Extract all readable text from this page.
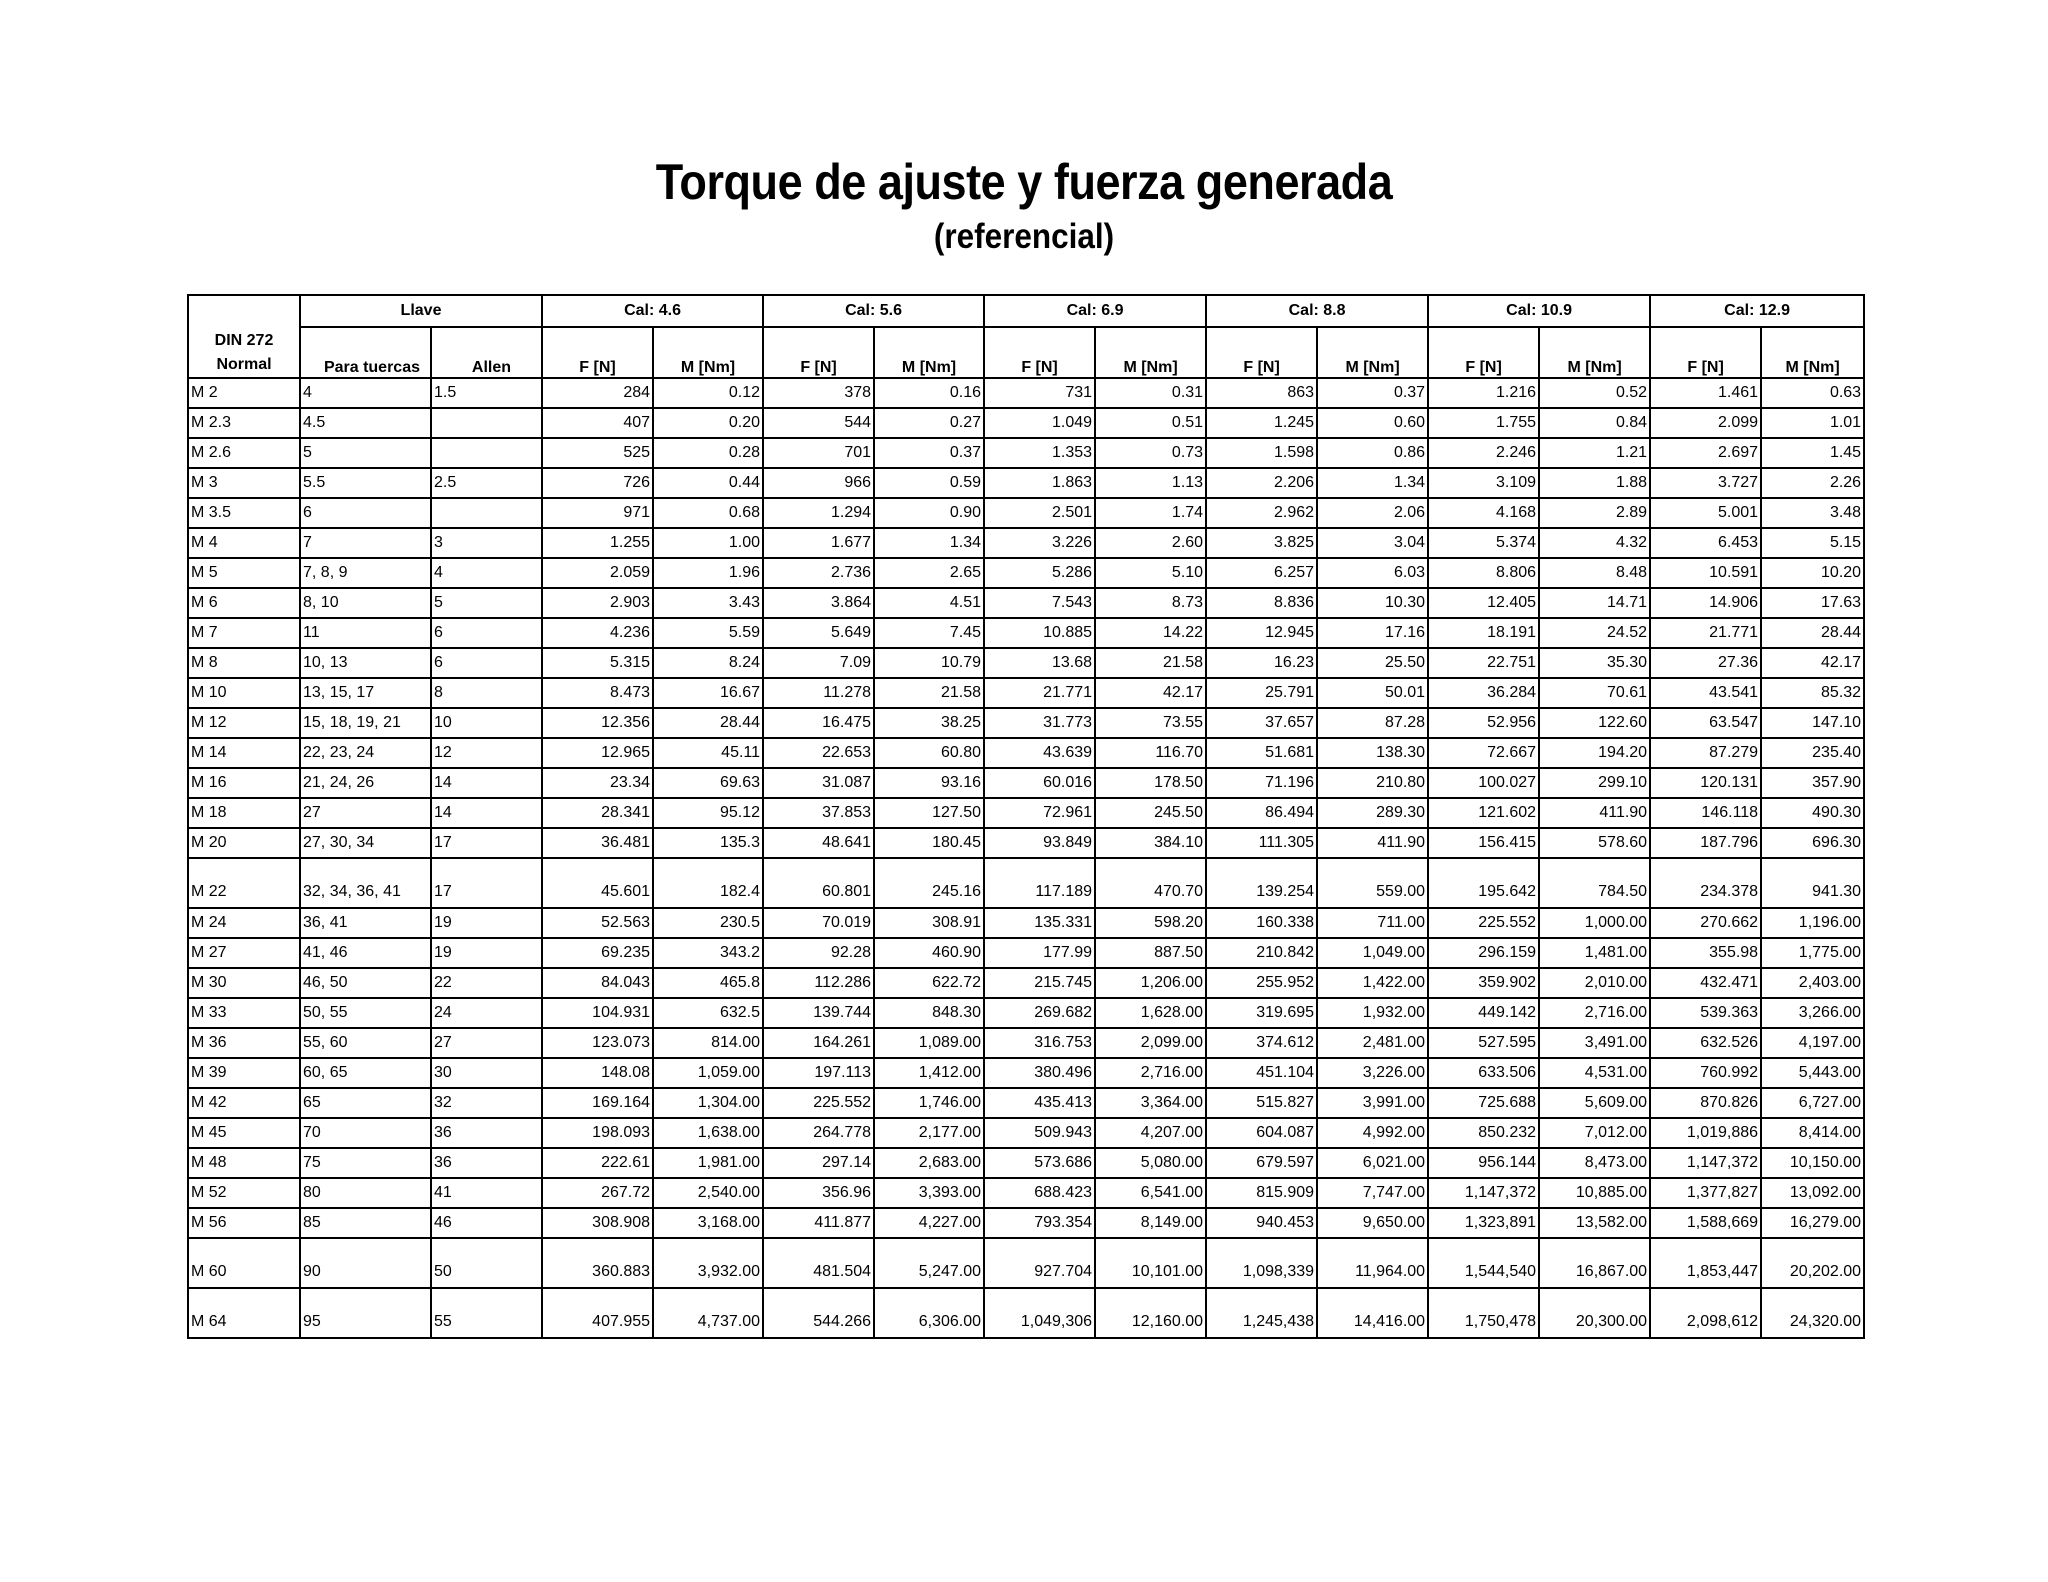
Torque de ajuste y fuerza generada
(referencial)
DIN 272
Normal	Llave		Cal: 4.6		Cal: 5.6		Cal: 6.9		Cal: 8.8		Cal: 10.9		Cal: 12.9	
	Para tuercas	Allen	F [N]	M [Nm]	F [N]	M [Nm]	F [N]	M [Nm]	F [N]	M [Nm]	F [N]	M [Nm]	F [N]	M [Nm]
M 2	4	1.5	284	0.12	378	0.16	731	0.31	863	0.37	1.216	0.52	1.461	0.63
M 2.3	4.5		407	0.20	544	0.27	1.049	0.51	1.245	0.60	1.755	0.84	2.099	1.01
M 2.6	5		525	0.28	701	0.37	1.353	0.73	1.598	0.86	2.246	1.21	2.697	1.45
M 3	5.5	2.5	726	0.44	966	0.59	1.863	1.13	2.206	1.34	3.109	1.88	3.727	2.26
M 3.5	6		971	0.68	1.294	0.90	2.501	1.74	2.962	2.06	4.168	2.89	5.001	3.48
M 4	7	3	1.255	1.00	1.677	1.34	3.226	2.60	3.825	3.04	5.374	4.32	6.453	5.15
M 5	7, 8, 9	4	2.059	1.96	2.736	2.65	5.286	5.10	6.257	6.03	8.806	8.48	10.591	10.20
M 6	8, 10	5	2.903	3.43	3.864	4.51	7.543	8.73	8.836	10.30	12.405	14.71	14.906	17.63
M 7	11	6	4.236	5.59	5.649	7.45	10.885	14.22	12.945	17.16	18.191	24.52	21.771	28.44
M 8	10, 13	6	5.315	8.24	7.09	10.79	13.68	21.58	16.23	25.50	22.751	35.30	27.36	42.17
M 10	13, 15, 17	8	8.473	16.67	11.278	21.58	21.771	42.17	25.791	50.01	36.284	70.61	43.541	85.32
M 12	15, 18, 19, 21	10	12.356	28.44	16.475	38.25	31.773	73.55	37.657	87.28	52.956	122.60	63.547	147.10
M 14	22, 23, 24	12	12.965	45.11	22.653	60.80	43.639	116.70	51.681	138.30	72.667	194.20	87.279	235.40
M 16	21, 24, 26	14	23.34	69.63	31.087	93.16	60.016	178.50	71.196	210.80	100.027	299.10	120.131	357.90
M 18	27	14	28.341	95.12	37.853	127.50	72.961	245.50	86.494	289.30	121.602	411.90	146.118	490.30
M 20	27, 30, 34	17	36.481	135.3	48.641	180.45	93.849	384.10	111.305	411.90	156.415	578.60	187.796	696.30
M 22	32, 34, 36, 41	17	45.601	182.4	60.801	245.16	117.189	470.70	139.254	559.00	195.642	784.50	234.378	941.30
M 24	36, 41	19	52.563	230.5	70.019	308.91	135.331	598.20	160.338	711.00	225.552	1,000.00	270.662	1,196.00
M 27	41, 46	19	69.235	343.2	92.28	460.90	177.99	887.50	210.842	1,049.00	296.159	1,481.00	355.98	1,775.00
M 30	46, 50	22	84.043	465.8	112.286	622.72	215.745	1,206.00	255.952	1,422.00	359.902	2,010.00	432.471	2,403.00
M 33	50, 55	24	104.931	632.5	139.744	848.30	269.682	1,628.00	319.695	1,932.00	449.142	2,716.00	539.363	3,266.00
M 36	55, 60	27	123.073	814.00	164.261	1,089.00	316.753	2,099.00	374.612	2,481.00	527.595	3,491.00	632.526	4,197.00
M 39	60, 65	30	148.08	1,059.00	197.113	1,412.00	380.496	2,716.00	451.104	3,226.00	633.506	4,531.00	760.992	5,443.00
M 42	65	32	169.164	1,304.00	225.552	1,746.00	435.413	3,364.00	515.827	3,991.00	725.688	5,609.00	870.826	6,727.00
M 45	70	36	198.093	1,638.00	264.778	2,177.00	509.943	4,207.00	604.087	4,992.00	850.232	7,012.00	1,019,886	8,414.00
M 48	75	36	222.61	1,981.00	297.14	2,683.00	573.686	5,080.00	679.597	6,021.00	956.144	8,473.00	1,147,372	10,150.00
M 52	80	41	267.72	2,540.00	356.96	3,393.00	688.423	6,541.00	815.909	7,747.00	1,147,372	10,885.00	1,377,827	13,092.00
M 56	85	46	308.908	3,168.00	411.877	4,227.00	793.354	8,149.00	940.453	9,650.00	1,323,891	13,582.00	1,588,669	16,279.00
M 60	90	50	360.883	3,932.00	481.504	5,247.00	927.704	10,101.00	1,098,339	11,964.00	1,544,540	16,867.00	1,853,447	20,202.00
M 64	95	55	407.955	4,737.00	544.266	6,306.00	1,049,306	12,160.00	1,245,438	14,416.00	1,750,478	20,300.00	2,098,612	24,320.00
